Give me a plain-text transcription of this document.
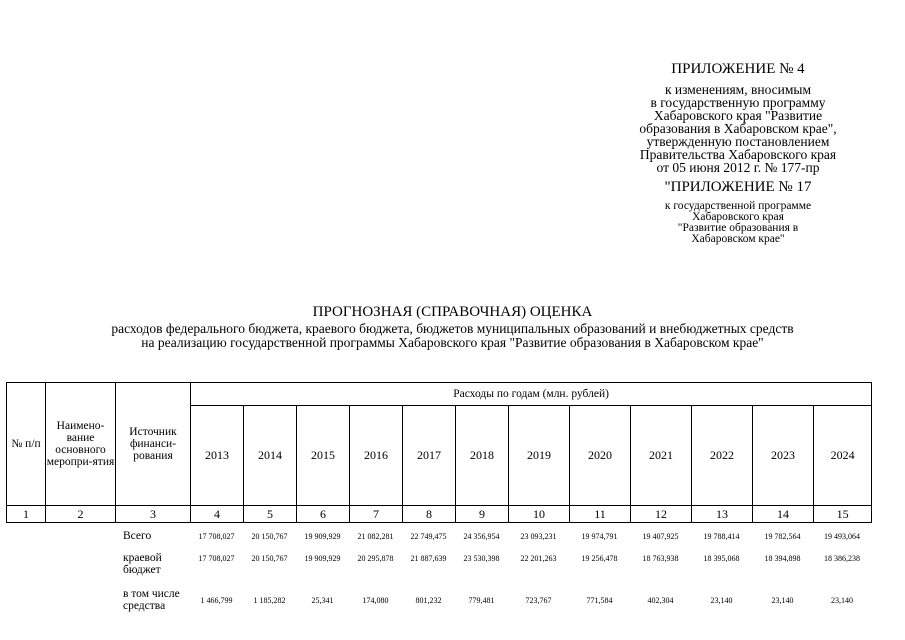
ПРИЛОЖЕНИЕ № 4
к изменениям, вносимым
в государственную программу
Хабаровского края "Развитие
образования в Хабаровском крае",
утвержденную постановлением
Правительства Хабаровского края
от 05 июня 2012 г. № 177-пр
"ПРИЛОЖЕНИЕ № 17
к государственной программе
Хабаровского края
"Развитие образования в
Хабаровском крае"
ПРОГНОЗНАЯ (СПРАВОЧНАЯ) ОЦЕНКА
расходов федерального бюджета, краевого бюджета, бюджетов муниципальных образований и внебюджетных средств
на реализацию государственной программы Хабаровского края "Развитие образования в Хабаровском крае"
№ п/п	Наимено-вание основного меропри-ятия	Источник финанси-рования	Расходы по годам (млн. рублей)											
			2013	2014	2015	2016	2017	2018	2019	2020	2021	2022	2023	2024
1	2	3	4	5	6	7	8	9	10	11	12	13	14	15
		Всего	17 708,027	20 150,767	19 909,929	21 082,281	22 749,475	24 356,954	23 093,231	19 974,791	19 407,925	19 788,414	19 782,564	19 493,064
		краевой бюджет	17 708,027	20 150,767	19 909,929	20 295,878	21 887,639	23 530,398	22 201,263	19 256,478	18 763,938	18 395,068	18 394,898	18 386,238
		в том числе средства	1 466,799	1 185,282	25,341	174,080	801,232	779,481	723,767	771,584	402,304	23,140	23,140	23,140
